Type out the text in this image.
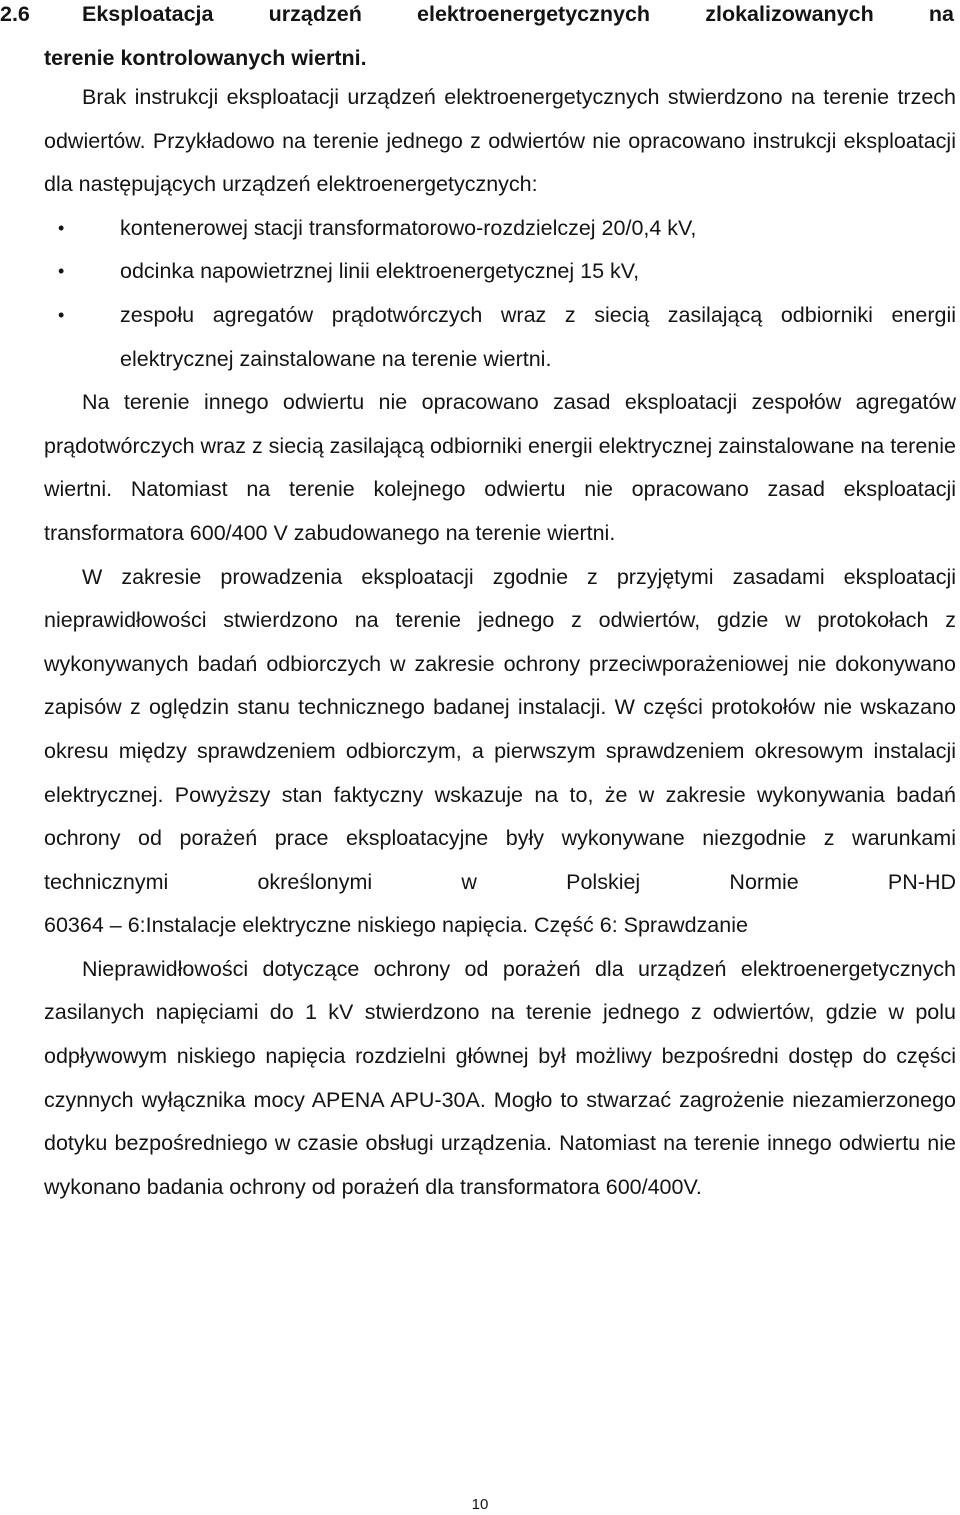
2.6 Eksploatacja urządzeń elektroenergetycznych zlokalizowanych na
terenie kontrolowanych wiertni.

Brak instrukcji eksploatacji urządzeń elektroenergetycznych stwierdzono na terenie trzech odwiertów. Przykładowo na terenie jednego z odwiertów nie opracowano instrukcji eksploatacji dla następujących urządzeń elektroenergetycznych:

• kontenerowej stacji transformatorowo-rozdzielczej 20/0,4 kV,
• odcinka napowietrznej linii elektroenergetycznej 15 kV,
• zespołu agregatów prądotwórczych wraz z siecią zasilającą odbiorniki energii elektrycznej zainstalowane na terenie wiertni.

Na terenie innego odwiertu nie opracowano zasad eksploatacji zespołów agregatów prądotwórczych wraz z siecią zasilającą odbiorniki energii elektrycznej zainstalowane na terenie wiertni. Natomiast na terenie kolejnego odwiertu nie opracowano zasad eksploatacji transformatora 600/400 V zabudowanego na terenie wiertni.

W zakresie prowadzenia eksploatacji zgodnie z przyjętymi zasadami eksploatacji nieprawidłowości stwierdzono na terenie jednego z odwiertów, gdzie w protokołach z wykonywanych badań odbiorczych w zakresie ochrony przeciwporażeniowej nie dokonywano zapisów z oględzin stanu technicznego badanej instalacji. W części protokołów nie wskazano okresu między sprawdzeniem odbiorczym, a pierwszym sprawdzeniem okresowym instalacji elektrycznej. Powyższy stan faktyczny wskazuje na to, że w zakresie wykonywania badań ochrony od porażeń prace eksploatacyjne były wykonywane niezgodnie z warunkami technicznymi określonymi w Polskiej Normie PN-HD

60364 – 6:Instalacje elektryczne niskiego napięcia. Część 6: Sprawdzanie

Nieprawidłowości dotyczące ochrony od porażeń dla urządzeń elektroenergetycznych zasilanych napięciami do 1 kV stwierdzono na terenie jednego z odwiertów, gdzie w polu odpływowym niskiego napięcia rozdzielni głównej był możliwy bezpośredni dostęp do części czynnych wyłącznika mocy APENA APU-30A. Mogło to stwarzać zagrożenie niezamierzonego dotyku bezpośredniego w czasie obsługi urządzenia. Natomiast na terenie innego odwiertu nie wykonano badania ochrony od porażeń dla transformatora 600/400V.

10
